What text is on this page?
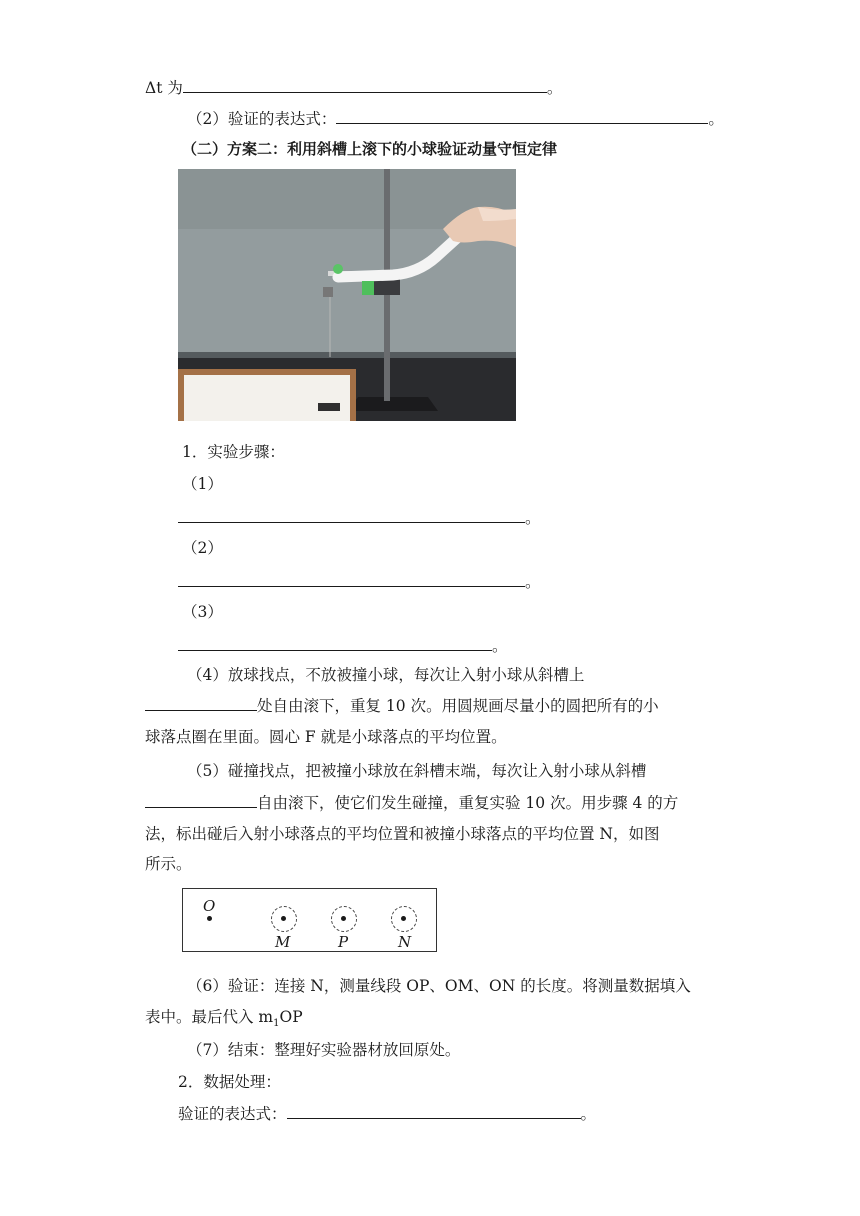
Δt 为	。
（2）验证的表达式：	。
（二）方案二：利用斜槽上滚下的小球验证动量守恒定律
1．实验步骤：
（1）
。
（2）
。
（3）
。
（4）放球找点，不放被撞小球，每次让入射小球从斜槽上
处自由滚下，重复 10 次。用圆规画尽量小的圆把所有的小
球落点圈在里面。圆心 F 就是小球落点的平均位置。
（5）碰撞找点，把被撞小球放在斜槽末端，每次让入射小球从斜槽
自由滚下，使它们发生碰撞，重复实验 10 次。用步骤 4 的方
法，标出碰后入射小球落点的平均位置和被撞小球落点的平均位置 N，如图
所示。
O
M	P	N
（6）验证：连接 N，测量线段 OP、OM、ON 的长度。将测量数据填入
表中。最后代入 $m_1OP$
（7）结束：整理好实验器材放回原处。
2．数据处理：
验证的表达式：	。
